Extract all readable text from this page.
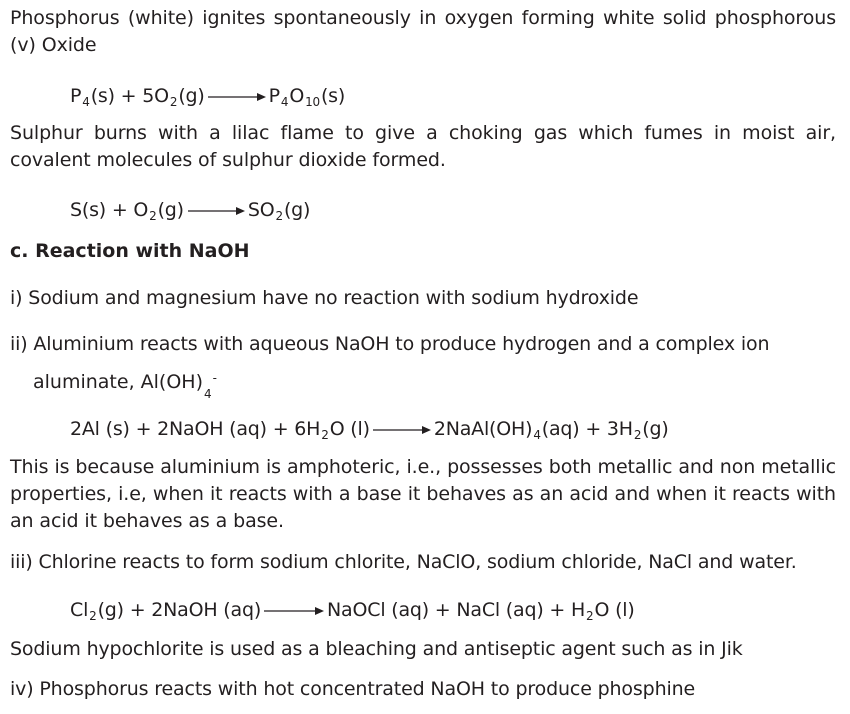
Phosphorus (white) ignites spontaneously in oxygen forming white solid phosphorous (v) Oxide
$P_4$ $(s) + 5O_2$ $(g) \to P_4$ $O_{10}$ (s)
Sulphur burns with a lilac flame to give a choking gas which fumes in moist air, covalent molecules of sulphur dioxide formed.
$S(s) + O_2$ $(g) \to SO_2$ (g)
c. Reaction with NaOH
i) Sodium and magnesium have no reaction with sodium hydroxide
ii) Aluminium reacts with aqueous NaOH to produce hydrogen and a complex ion
aluminate, $Al(OH)_4^-$
2Al (s) + 2NaOH $(aq) + 6H_2$ O $(l) \to 2NaAl(OH)_4$ $(aq) + 3H_2$ (g)
This is because aluminium is amphoteric, i.e., possesses both metallic and non metallic properties, i.e, when it reacts with a base it behaves as an acid and when it reacts with an acid it behaves as a base.
iii) Chlorine reacts to form sodium chlorite, NaClO, sodium chloride, NaCl and water.
$Cl_2$ (g) + 2NaOH (aq) → NaOCl (aq) + NaCl $(aq) + H_2$ O (l)
Sodium hypochlorite is used as a bleaching and antiseptic agent such as in Jik
iv) Phosphorus reacts with hot concentrated NaOH to produce phosphine
